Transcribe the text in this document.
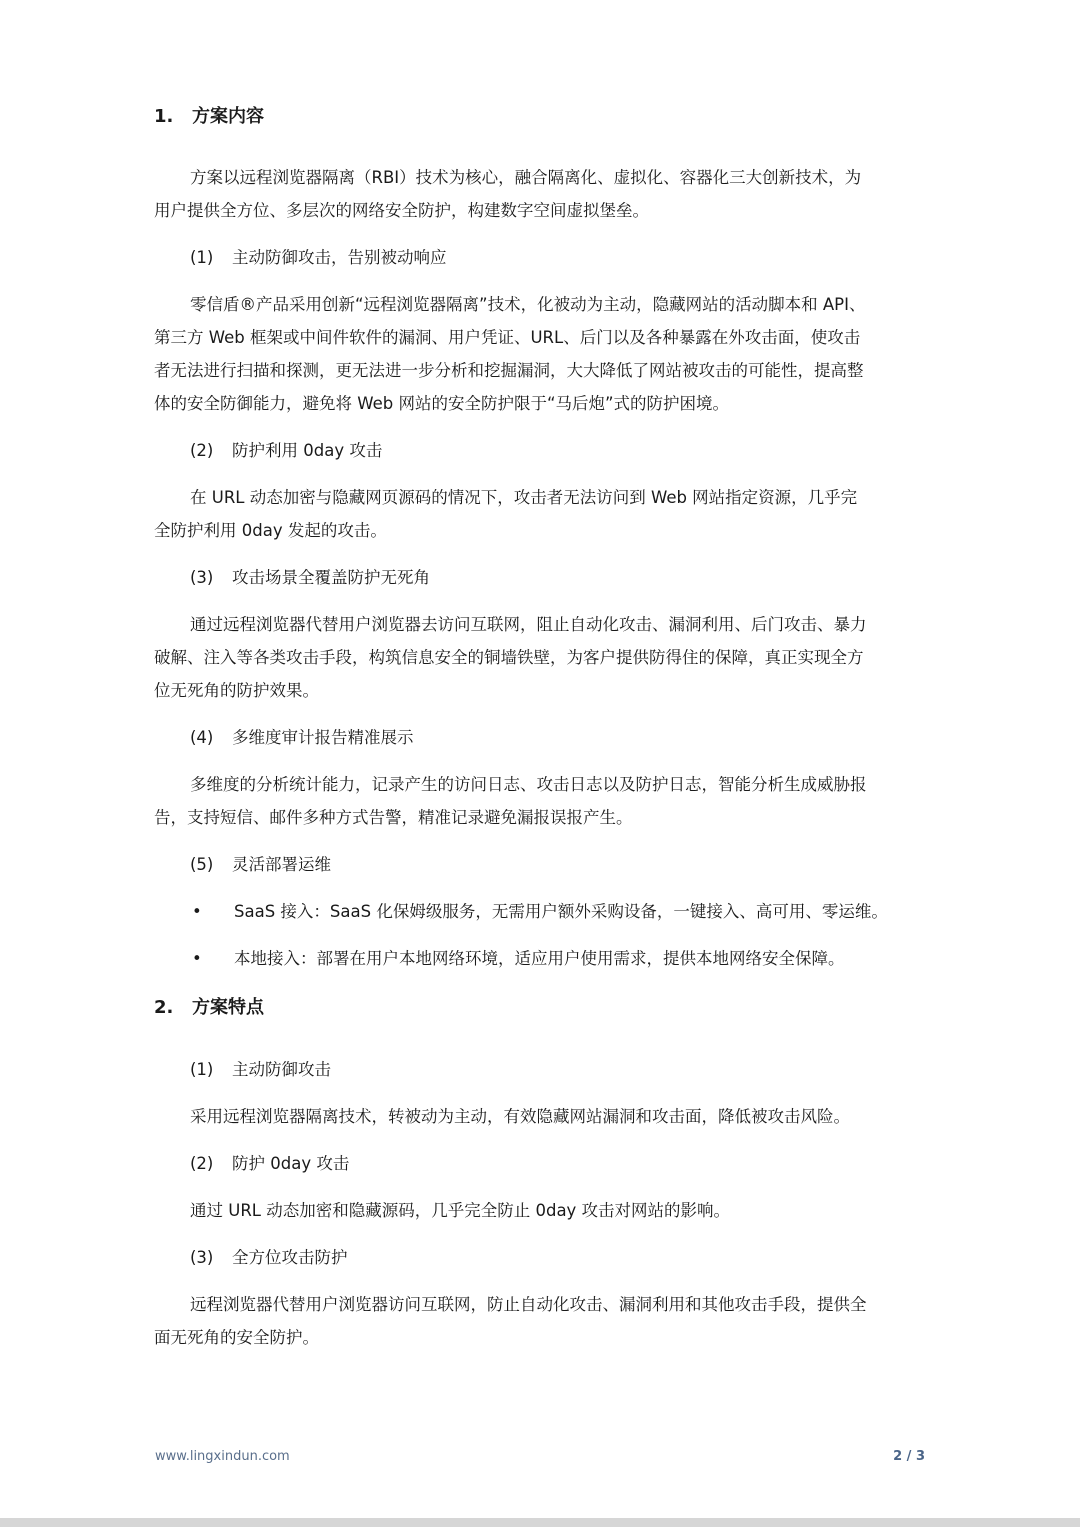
1. 方案内容
方案以远程浏览器隔离（RBI）技术为核心，融合隔离化、虚拟化、容器化三大创新技术，为
用户提供全方位、多层次的网络安全防护，构建数字空间虚拟堡垒。
(1) 主动防御攻击，告别被动响应
零信盾®产品采用创新“远程浏览器隔离”技术，化被动为主动，隐藏网站的活动脚本和 API、
第三方 Web 框架或中间件软件的漏洞、用户凭证、URL、后门以及各种暴露在外攻击面，使攻击
者无法进行扫描和探测，更无法进一步分析和挖掘漏洞，大大降低了网站被攻击的可能性，提高整
体的安全防御能力，避免将 Web 网站的安全防护限于“马后炮”式的防护困境。
(2) 防护利用 0day 攻击
在 URL 动态加密与隐藏网页源码的情况下，攻击者无法访问到 Web 网站指定资源，几乎完
全防护利用 0day 发起的攻击。
(3) 攻击场景全覆盖防护无死角
通过远程浏览器代替用户浏览器去访问互联网，阻止自动化攻击、漏洞利用、后门攻击、暴力
破解、注入等各类攻击手段，构筑信息安全的铜墙铁壁，为客户提供防得住的保障，真正实现全方
位无死角的防护效果。
(4) 多维度审计报告精准展示
多维度的分析统计能力，记录产生的访问日志、攻击日志以及防护日志，智能分析生成威胁报
告，支持短信、邮件多种方式告警，精准记录避免漏报误报产生。
(5) 灵活部署运维
• SaaS 接入：SaaS 化保姆级服务，无需用户额外采购设备，一键接入、高可用、零运维。
• 本地接入：部署在用户本地网络环境，适应用户使用需求，提供本地网络安全保障。
2. 方案特点
(1) 主动防御攻击
采用远程浏览器隔离技术，转被动为主动，有效隐藏网站漏洞和攻击面，降低被攻击风险。
(2) 防护 0day 攻击
通过 URL 动态加密和隐藏源码，几乎完全防止 0day 攻击对网站的影响。
(3) 全方位攻击防护
远程浏览器代替用户浏览器访问互联网，防止自动化攻击、漏洞利用和其他攻击手段，提供全
面无死角的安全防护。
www.lingxindun.com	2 / 3
